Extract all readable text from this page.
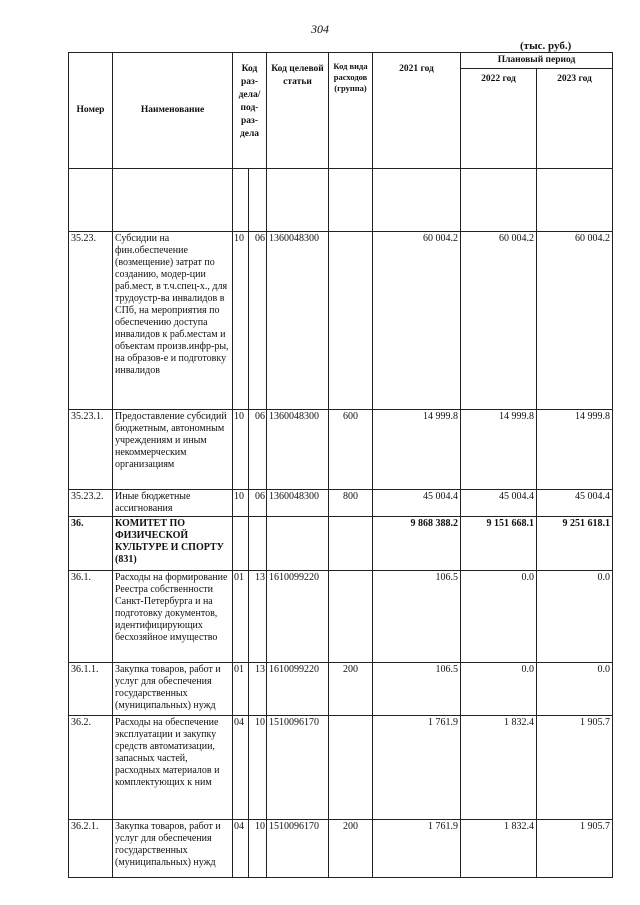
304
(тыс. руб.)
Номер	Наименование	Код раз-дела/ под-раз-дела		Код целевой статьи	Код вида расходов (группа)	2021 год	Плановый период	
							2022 год	2023 год

35.23.	Субсидии на фин.обеспечение (возмещение) затрат по созданию, модер-ции раб.мест, в т.ч.спец-х., для трудоустр-ва инвалидов в СПб, на мероприятия по обеспечению доступа инвалидов к раб.местам и объектам произв.инфр-ры, на образов-е и подготовку инвалидов	10	06	1360048300		60 004.2	60 004.2	60 004.2
35.23.1.	Предоставление субсидий бюджетным, автономным учреждениям и иным некоммерческим организациям	10	06	1360048300	600	14 999.8	14 999.8	14 999.8
35.23.2.	Иные бюджетные ассигнования	10	06	1360048300	800	45 004.4	45 004.4	45 004.4
36.	КОМИТЕТ ПО ФИЗИЧЕСКОЙ КУЛЬТУРЕ И СПОРТУ (831)					9 868 388.2	9 151 668.1	9 251 618.1
36.1.	Расходы на формирование Реестра собственности Санкт-Петербурга и на подготовку документов, идентифицирующих бесхозяйное имущество	01	13	1610099220		106.5	0.0	0.0
36.1.1.	Закупка товаров, работ и услуг для обеспечения государственных (муниципальных) нужд	01	13	1610099220	200	106.5	0.0	0.0
36.2.	Расходы на обеспечение эксплуатации и закупку средств автоматизации, запасных частей, расходных материалов и комплектующих к ним	04	10	1510096170		1 761.9	1 832.4	1 905.7
36.2.1.	Закупка товаров, работ и услуг для обеспечения государственных (муниципальных) нужд	04	10	1510096170	200	1 761.9	1 832.4	1 905.7
